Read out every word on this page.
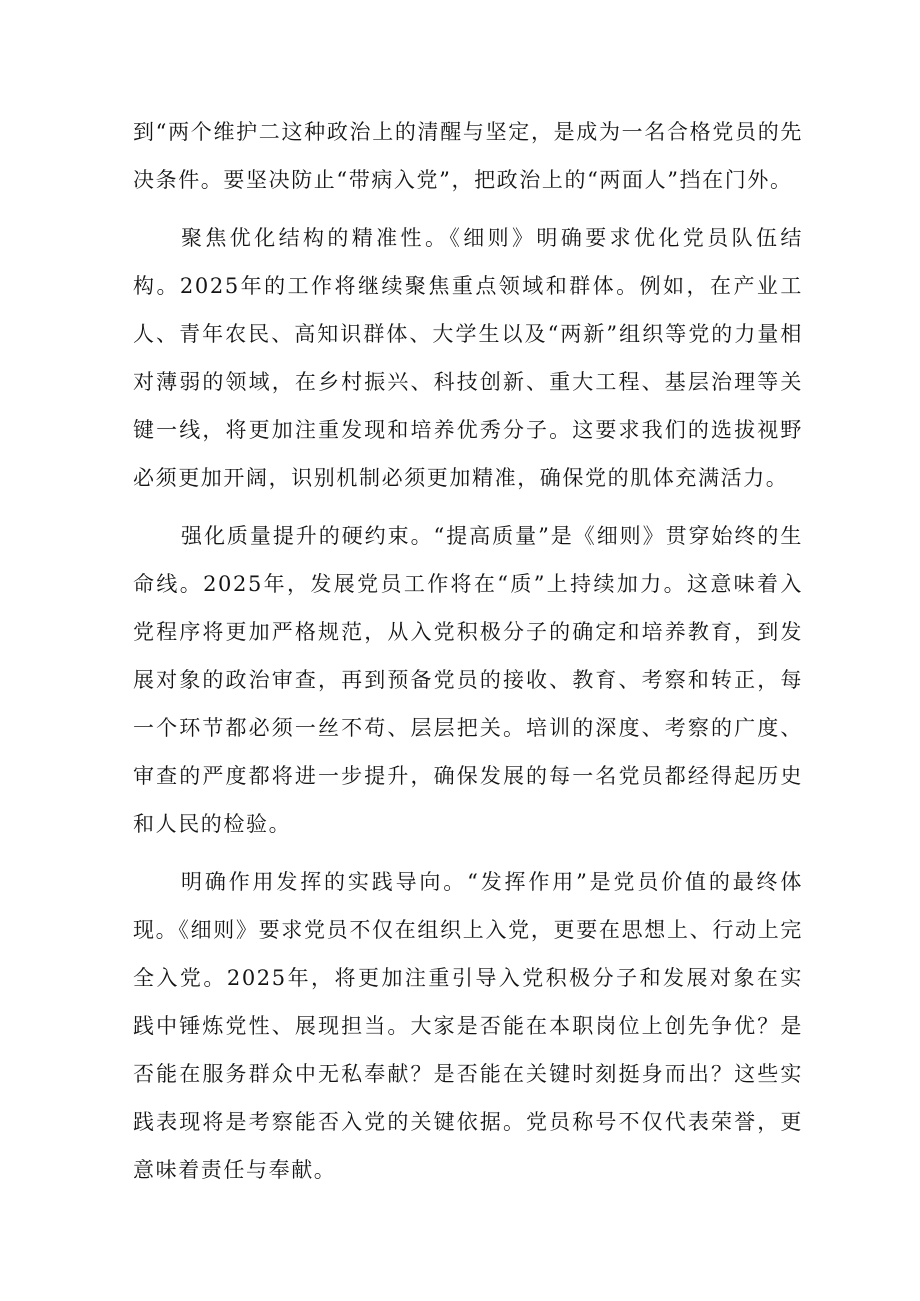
到“两个维护二这种政治上的清醒与坚定，是成为一名合格党员的先决条件。要坚决防止“带病入党”，把政治上的“两面人”挡在门外。

聚焦优化结构的精准性。《细则》明确要求优化党员队伍结构。2025年的工作将继续聚焦重点领域和群体。例如，在产业工人、青年农民、高知识群体、大学生以及“两新”组织等党的力量相对薄弱的领域，在乡村振兴、科技创新、重大工程、基层治理等关键一线，将更加注重发现和培养优秀分子。这要求我们的选拔视野必须更加开阔，识别机制必须更加精准，确保党的肌体充满活力。

强化质量提升的硬约束。“提高质量”是《细则》贯穿始终的生命线。2025年，发展党员工作将在“质”上持续加力。这意味着入党程序将更加严格规范，从入党积极分子的确定和培养教育，到发展对象的政治审查，再到预备党员的接收、教育、考察和转正，每一个环节都必须一丝不苟、层层把关。培训的深度、考察的广度、审查的严度都将进一步提升，确保发展的每一名党员都经得起历史和人民的检验。

明确作用发挥的实践导向。“发挥作用”是党员价值的最终体现。《细则》要求党员不仅在组织上入党，更要在思想上、行动上完全入党。2025年，将更加注重引导入党积极分子和发展对象在实践中锤炼党性、展现担当。大家是否能在本职岗位上创先争优？是否能在服务群众中无私奉献？是否能在关键时刻挺身而出？这些实践表现将是考察能否入党的关键依据。党员称号不仅代表荣誉，更意味着责任与奉献。
